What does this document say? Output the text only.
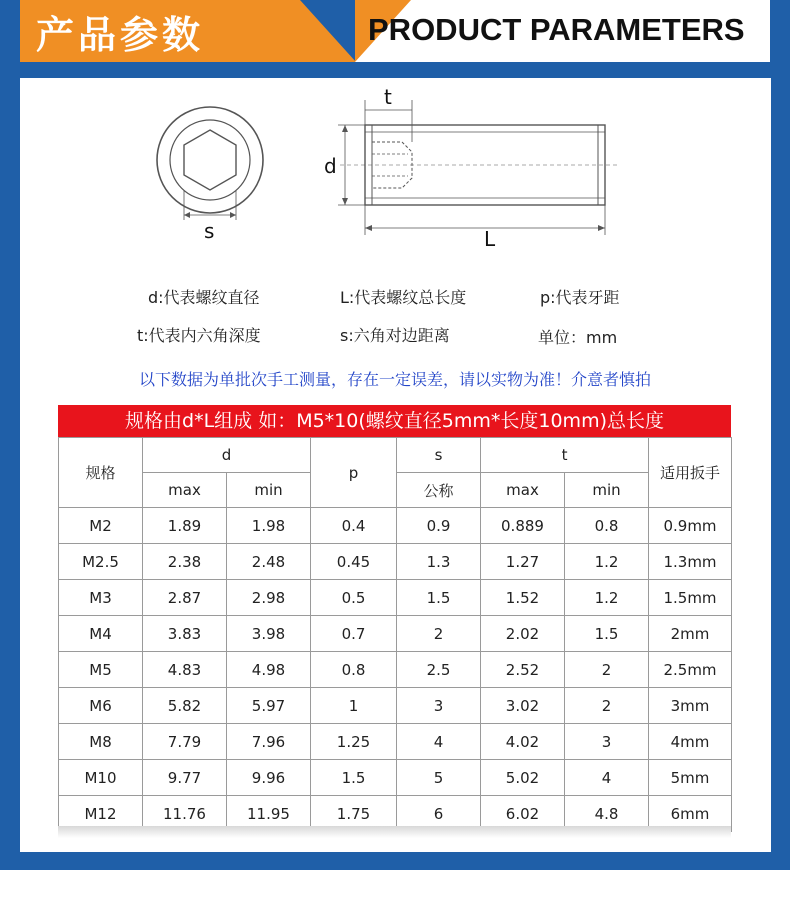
产品参数	PRODUCT PARAMETERS
s
t
d
L
d:代表螺纹直径	L:代表螺纹总长度	p:代表牙距
t:代表内六角深度	s:六角对边距离	单位：mm
以下数据为单批次手工测量，存在一定误差，请以实物为准！介意者慎拍
规格由d*L组成 如：M5*10(螺纹直径5mm*长度10mm)总长度
规格	d		p	s	t		适用扳手
	max	min		公称	max	min	
M2	1.89	1.98	0.4	0.9	0.889	0.8	0.9mm
M2.5	2.38	2.48	0.45	1.3	1.27	1.2	1.3mm
M3	2.87	2.98	0.5	1.5	1.52	1.2	1.5mm
M4	3.83	3.98	0.7	2	2.02	1.5	2mm
M5	4.83	4.98	0.8	2.5	2.52	2	2.5mm
M6	5.82	5.97	1	3	3.02	2	3mm
M8	7.79	7.96	1.25	4	4.02	3	4mm
M10	9.77	9.96	1.5	5	5.02	4	5mm
M12	11.76	11.95	1.75	6	6.02	4.8	6mm
